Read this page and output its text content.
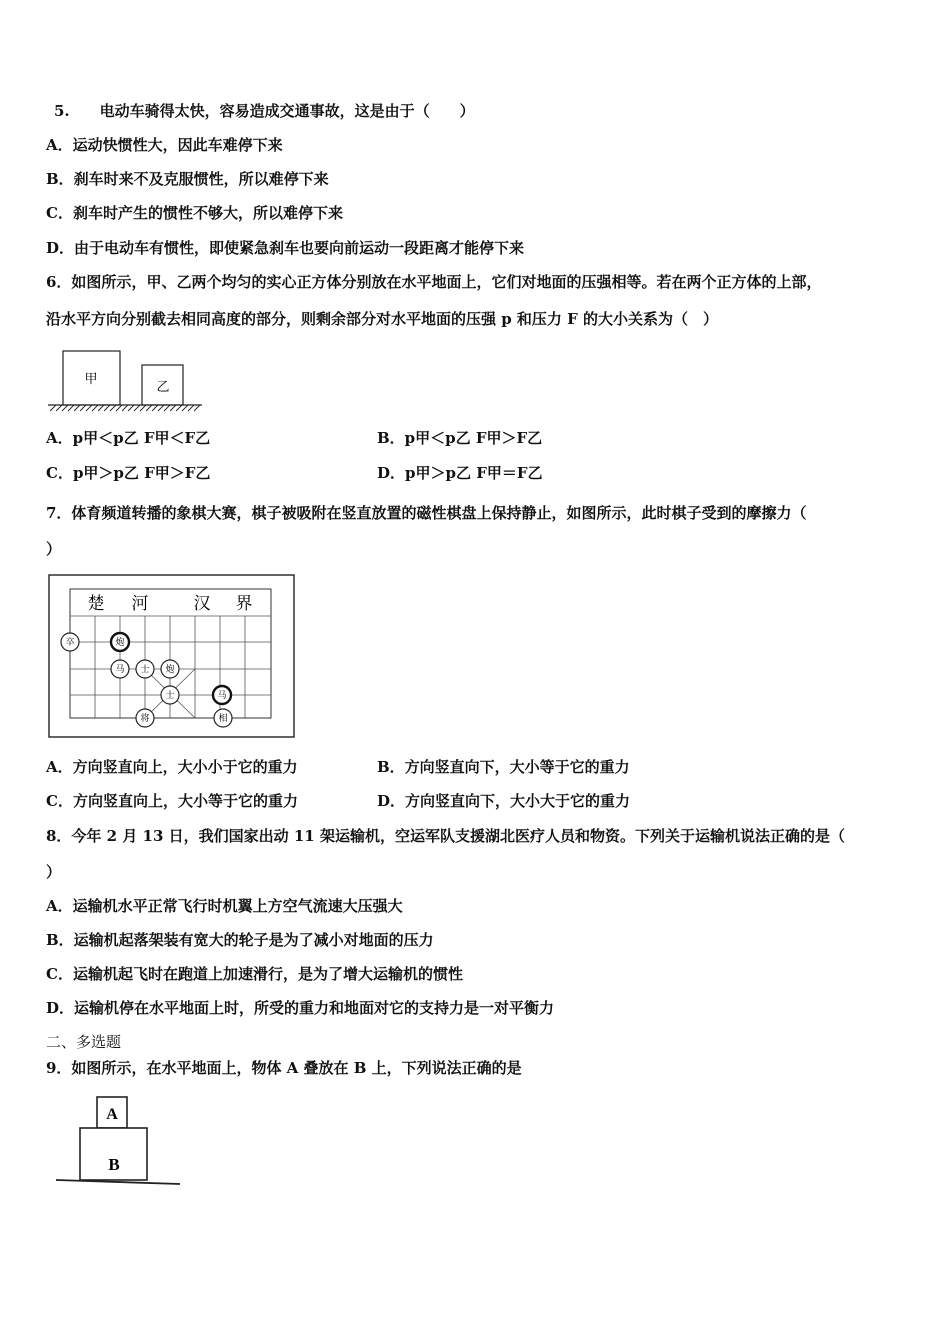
5.　　电动车骑得太快，容易造成交通事故，这是由于（　　）
A．运动快惯性大，因此车难停下来
B．刹车时来不及克服惯性，所以难停下来
C．刹车时产生的惯性不够大，所以难停下来
D．由于电动车有惯性，即使紧急刹车也要向前运动一段距离才能停下来
6．如图所示，甲、乙两个均匀的实心正方体分别放在水平地面上，它们对地面的压强相等。若在两个正方体的上部，
沿水平方向分别截去相同高度的部分，则剩余部分对水平地面的压强 p 和压力 F 的大小关系为（　）
甲
乙
A．p甲＜p乙 F甲＜F乙	B．p甲＜p乙 F甲＞F乙
C．p甲＞p乙 F甲＞F乙	D．p甲＞p乙 F甲＝F乙
7．体育频道转播的象棋大赛，棋子被吸附在竖直放置的磁性棋盘上保持静止，如图所示，此时棋子受到的摩擦力（
）
楚 河	汉 界
卒	炮
马 士 炮
士	马
将	相
A．方向竖直向上，大小小于它的重力	B．方向竖直向下，大小等于它的重力
C．方向竖直向上，大小等于它的重力	D．方向竖直向下，大小大于它的重力
8．今年 2 月 13 日，我们国家出动 11 架运输机，空运军队支援湖北医疗人员和物资。下列关于运输机说法正确的是（
）
A．运输机水平正常飞行时机翼上方空气流速大压强大
B．运输机起落架装有宽大的轮子是为了减小对地面的压力
C．运输机起飞时在跑道上加速滑行，是为了增大运输机的惯性
D．运输机停在水平地面上时，所受的重力和地面对它的支持力是一对平衡力
二、多选题
9．如图所示，在水平地面上，物体 A 叠放在 B 上，下列说法正确的是
A
B
